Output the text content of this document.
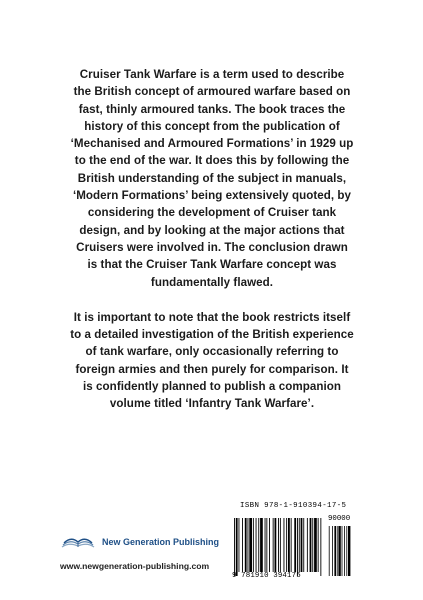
Cruiser Tank Warfare is a term used to describe the British concept of armoured warfare based on fast, thinly armoured tanks. The book traces the history of this concept from the publication of ‘Mechanised and Armoured Formations’ in 1929 up to the end of the war. It does this by following the British understanding of the subject in manuals, ‘Modern Formations’ being extensively quoted, by considering the development of Cruiser tank design, and by looking at the major actions that Cruisers were involved in. The conclusion drawn is that the Cruiser Tank Warfare concept was fundamentally flawed.

It is important to note that the book restricts itself to a detailed investigation of the British experience of tank warfare, only occasionally referring to foreign armies and then purely for comparison. It is confidently planned to publish a companion volume titled ‘Infantry Tank Warfare’.

New Generation Publishing
www.newgeneration-publishing.com
ISBN 978-1-910394-17-5
90000
9 781910 394175
